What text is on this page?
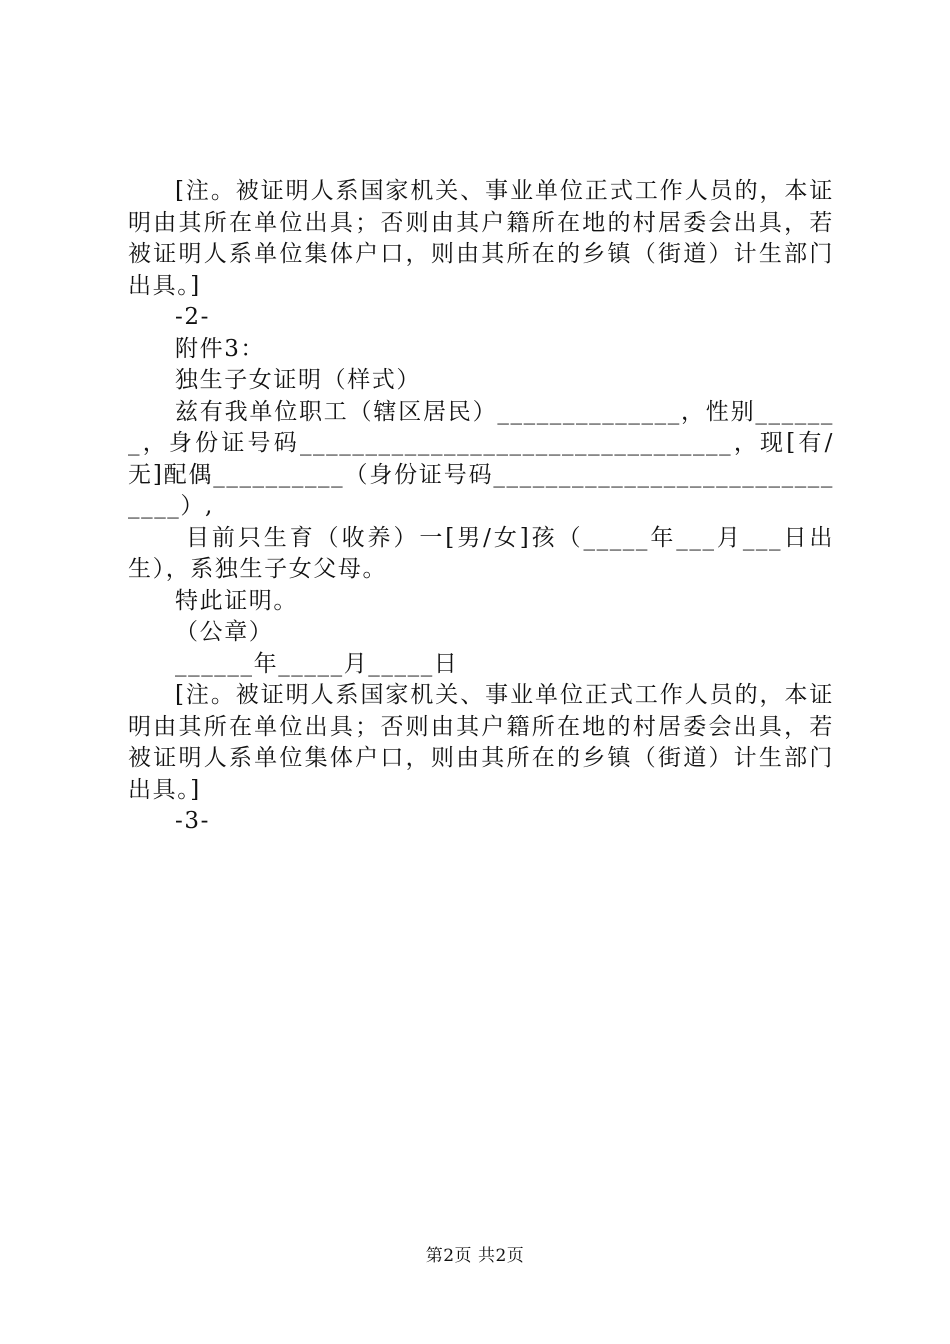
[注。被证明人系国家机关、事业单位正式工作人员的，本证明由其所在单位出具；否则由其户籍所在地的村居委会出具，若被证明人系单位集体户口，则由其所在的乡镇（街道）计生部门出具。]

-2-

附件3：

独生子女证明（样式）

兹有我单位职工（辖区居民）______________，性别_______，身份证号码_________________________________，现[有/无]配偶__________（身份证号码______________________________）,

目前只生育（收养）一[男/女]孩（_____年___月___日出生），系独生子女父母。

特此证明。

（公章）

______年_____月_____日

[注。被证明人系国家机关、事业单位正式工作人员的，本证明由其所在单位出具；否则由其户籍所在地的村居委会出具，若被证明人系单位集体户口，则由其所在的乡镇（街道）计生部门出具。]

-3-

第2页 共2页
